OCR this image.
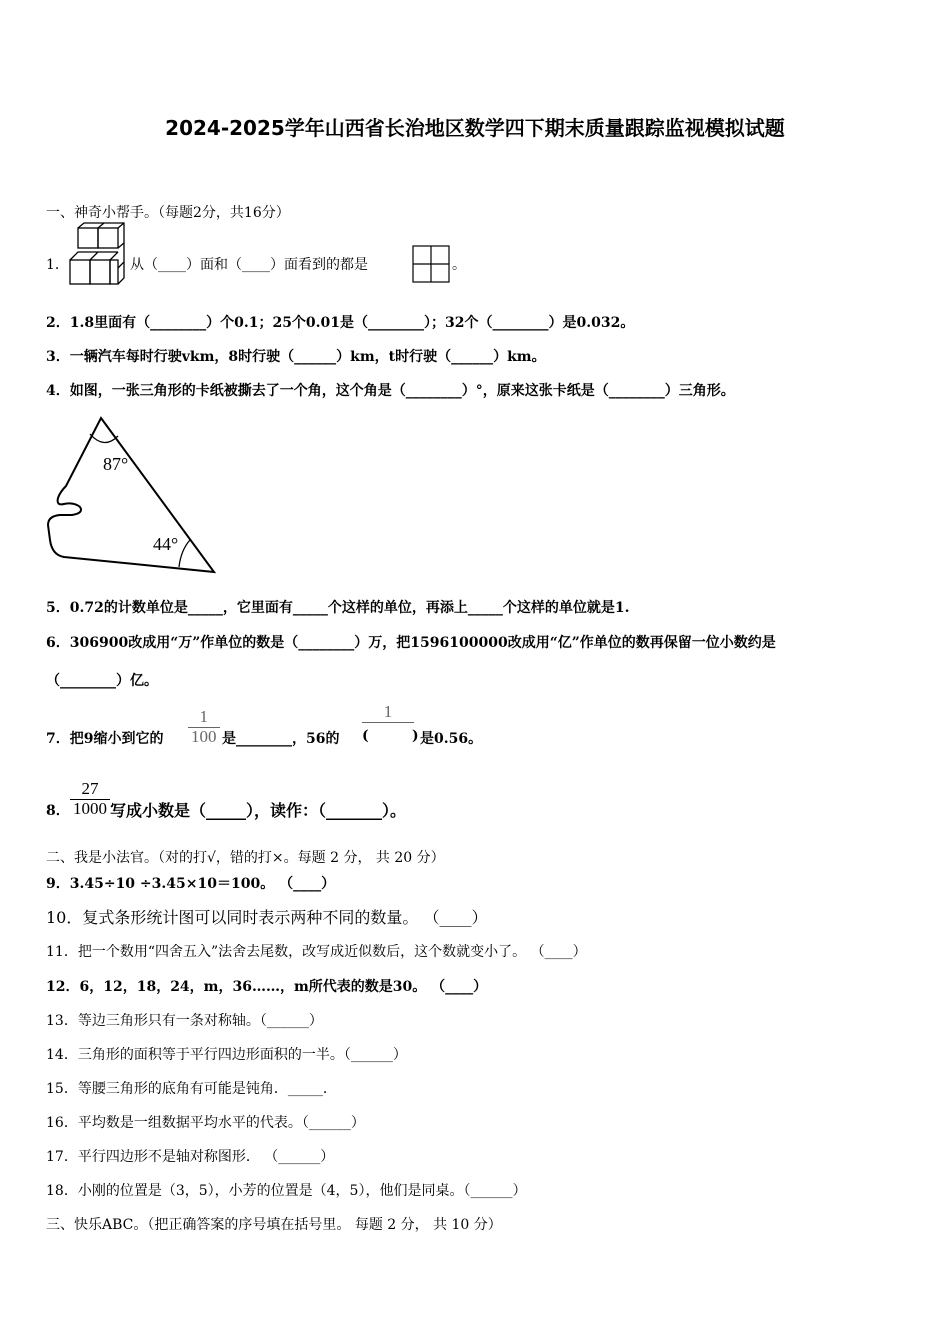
2024-2025学年山西省长治地区数学四下期末质量跟踪监视模拟试题
一、神奇小帮手。（每题2分，共16分）
1．	从（____）面和（____）面看到的都是	。
2．1.8里面有（________）个0.1；25个0.01是（________）；32个（________）是0.032。
3．一辆汽车每时行驶vkm，8时行驶（______）km，t时行驶（______）km。
4．如图，一张三角形的卡纸被撕去了一个角，这个角是（________）°，原来这张卡纸是（________）三角形。
87°
44°
5．0.72的计数单位是_____，它里面有_____个这样的单位，再添上_____个这样的单位就是1.
6．306900改成用“万”作单位的数是（________）万，把1596100000改成用“亿”作单位的数再保留一位小数约是
（________）亿。
7．把9缩小到它的 $\frac{1}{100}$ 是________，56的 (
1
) 是0.56。
8． $\frac{27}{1000}$ 写成小数是（_____），读作：（_______）。
二、我是小法官。（对的打√，错的打×。每题 2 分， 共 20 分）
9．3.45÷10 ÷3.45×10＝100。 （____）
10．复式条形统计图可以同时表示两种不同的数量。 （____）
11．把一个数用“四舍五入”法舍去尾数，改写成近似数后，这个数就变小了。 （____）
12．6，12，18，24，m，36……，m所代表的数是30。 （____）
13．等边三角形只有一条对称轴。（______）
14．三角形的面积等于平行四边形面积的一半。（______）
15．等腰三角形的底角有可能是钝角．_____．
16．平均数是一组数据平均水平的代表。（______）
17．平行四边形不是轴对称图形． （______）
18．小刚的位置是（3，5），小芳的位置是（4，5），他们是同桌。（______）
三、快乐ABC。（把正确答案的序号填在括号里。 每题 2 分， 共 10 分）
